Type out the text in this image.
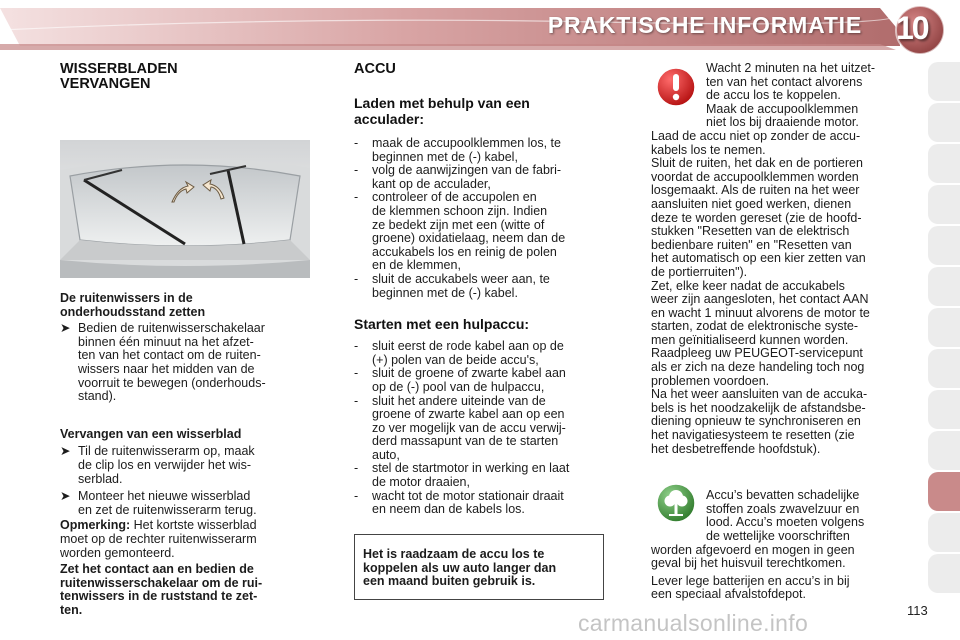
PRAKTISCHE INFORMATIE 10
WISSERBLADEN
VERVANGEN
De ruitenwissers in de
onderhoudsstand zetten
➤ Bedien de ruitenwisserschakelaar
binnen één minuut na het afzet-
ten van het contact om de ruiten-
wissers naar het midden van de
voorruit te bewegen (onderhouds-
stand).
Vervangen van een wisserblad
➤ Til de ruitenwisserarm op, maak
de clip los en verwijder het wis-
serblad.
➤ Monteer het nieuwe wisserblad
en zet de ruitenwisserarm terug.
Opmerking: Het kortste wisserblad
moet op de rechter ruitenwisserarm
worden gemonteerd.
Zet het contact aan en bedien de
ruitenwisserschakelaar om de rui-
tenwissers in de ruststand te zet-
ten.
ACCU
Laden met behulp van een
acculader:
-	maak de accupoolklemmen los, te
beginnen met de (-) kabel,
-	volg de aanwijzingen van de fabri-
kant op de acculader,
-	controleer of de accupolen en
de klemmen schoon zijn. Indien
ze bedekt zijn met een (witte of
groene) oxidatielaag, neem dan de
accukabels los en reinig de polen
en de klemmen,
-	sluit de accukabels weer aan, te
beginnen met de (-) kabel.
Starten met een hulpaccu:
-	sluit eerst de rode kabel aan op de
(+) polen van de beide accu's,
-	sluit de groene of zwarte kabel aan
op de (-) pool van de hulpaccu,
-	sluit het andere uiteinde van de
groene of zwarte kabel aan op een
zo ver mogelijk van de accu verwij-
derd massapunt van de te starten
auto,
-	stel de startmotor in werking en laat
de motor draaien,
-	wacht tot de motor stationair draait
en neem dan de kabels los.
Het is raadzaam de accu los te
koppelen als uw auto langer dan
een maand buiten gebruik is.
Wacht 2 minuten na het uitzet-
ten van het contact alvorens
de accu los te koppelen.
Maak de accupoolklemmen
niet los bij draaiende motor.
Laad de accu niet op zonder de accu-
kabels los te nemen.
Sluit de ruiten, het dak en de portieren
voordat de accupoolklemmen worden
losgemaakt. Als de ruiten na het weer
aansluiten niet goed werken, dienen
deze te worden gereset (zie de hoofd-
stukken "Resetten van de elektrisch
bedienbare ruiten" en "Resetten van
het automatisch op een kier zetten van
de portierruiten").
Zet, elke keer nadat de accukabels
weer zijn aangesloten, het contact AAN
en wacht 1 minuut alvorens de motor te
starten, zodat de elektronische syste-
men geïnitialiseerd kunnen worden.
Raadpleeg uw PEUGEOT-servicepunt
als er zich na deze handeling toch nog
problemen voordoen.
Na het weer aansluiten van de accuka-
bels is het noodzakelijk de afstandsbe-
diening opnieuw te synchroniseren en
het navigatiesysteem te resetten (zie
het desbetreffende hoofdstuk).
Accu’s bevatten schadelijke
stoffen zoals zwavelzuur en
lood. Accu’s moeten volgens
de wettelijke voorschriften
worden afgevoerd en mogen in geen
geval bij het huisvuil terechtkomen.
Lever lege batterijen en accu’s in bij
een speciaal afvalstofdepot.
113
carmanualsonline.info
